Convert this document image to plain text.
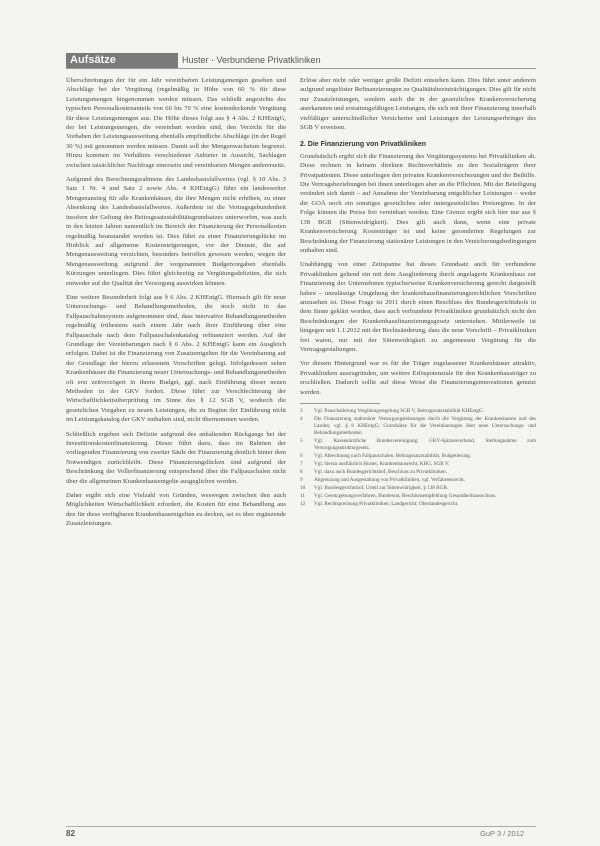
Aufsätze	Huster · Verbundene Privatkliniken

Überschreitungen der für ein Jahr vereinbarten Leistungsmengen gesehen und Abschläge bei der Vergütung (regelmäßig in Höhe von 60 % für diese Leistungsmengen hingenommen werden müssen. Das schließt angesichts des typischen Personalkostenanteils von 60 bis 70 % eine kostendeckende Vergütung für diese Leistungsmengen aus. Die Höhe dieses folgt aus § 4 Abs. 2 KHEntgG, der bei Leistungsmengen, die vereinbart worden sind, den Verzicht für die Vorhaben der Leistungsausweitung ebenfalls empfindliche Abschläge (in der Regel 30 %) mit genommen werden müssen. Damit soll der Mengenwachstum begrenzt. Hinzu kommen im Verhältnis verschiedener Anbieter in Aussicht, Sachlagen zwischen tatsächlicher Nachfrage einerseits und vereinbarten Mengen andererseits.

Aufgrund des Berechnungsrahmens des Landesbasisfallwertes (vgl. § 10 Abs. 3 Satz 1 Nr. 4 und Satz 2 sowie Abs. 4 KHEntgG) führt ein landesweiter Mengenanstieg für alle Krankenhäuser, die ihre Mengen nicht erhöhen, zu einer Absenkung des Landesbasisfallwertes. Außerdem ist die Vertragsgebundenheit insofern der Geltung des Beitragssatzstabilitätsgrundsatzes unterworfen, was auch in den letzten Jahren namentlich im Bereich der Finanzierung der Personalkosten regelmäßig beanstandet worden ist. Dies führt zu einer Finanzierungslücke im Hinblick auf allgemeine Kostensteigerungen, vor der Dienste, die auf Mengenausweitung verzichten, besonders betroffen gewesen werden, wegen der Mengenausweitung aufgrund der vorgenannten Budgetvorgaben ebenfalls Kürzungen unterliegen. Dies führt gleichzeitig zu Vergütungsdefiziten, die sich entweder auf die Qualität der Versorgung auswirken können.

Eine weitere Besonderheit folgt aus § 6 Abs. 2 KHEntgG. Hiernach gilt für neue Untersuchungs- und Behandlungsmethoden, die noch nicht in das Fallpauschalensystem aufgenommen sind, dass innovative Behandlungsmethoden regelmäßig frühestens nach einem Jahr nach ihrer Einführung über eine Fallpauschale nach dem Fallpauschalenkatalog refinanziert werden. Auf der Grundlage der Vereinbarungen nach § 6 Abs. 2 KHEntgG kann ein Ausgleich erfolgen. Dabei ist die Finanzierung von Zusatzentgelten für die Vereinbarung auf der Grundlage der hierzu erlassenen Vorschriften gelegt. Infolgedessen sehen Krankenhäuser die Finanzierung neuer Untersuchungs- und Behandlungsmethoden oft erst zeitverzögert in ihrem Budget, ggf. nach Einführung dieser neuen Methoden in der GKV fordert. Diese führt zur Verschlechterung der Wirtschaftlichkeitsüberprüfung im Sinne des § 12 SGB V, wodurch die gesetzlichen Vorgaben zu neuen Leistungen, die zu Beginn der Einführung nicht im Leistungskatalog der GKV enthalten sind, nicht übernommen werden.

Schließlich ergeben sich Defizite aufgrund des anhaltenden Rückgangs bei der Investitionskostenfinanzierung. Dieser führt dazu, dass im Rahmen der vorliegenden Finanzierung von zweiter Säule der Finanzierung deutlich hinter dem Notwendigen zurückbleibt. Diese Finanzierungslücken sind aufgrund der Beschränkung der Vollrefinanzierung entsprechend über die Fallpauschalen nicht über die allgemeinen Krankenhausentgelte ausgeglichen worden.

Daher ergibt sich eine Vielzahl von Gründen, weswegen zwischen den auch Möglichkeiten Wirtschaftlichkeit erfordert, die Kosten für eine Behandlung aus den für diese verfügbaren Krankenhausentgelten zu decken, sei es über ergänzende Zusatzleistungen.

Erlöse aber nicht oder weniger große Defizit entstehen kann. Dies führt unter anderem aufgrund ungelöster Refinanzierungen zu Qualitätsbeeinträchtigungen. Dies gilt für nicht nur Zusatzleistungen, sondern auch die in der gesetzlichen Krankenversicherung anerkannten und erstattungsfähigen Leistungen, die sich mit ihrer Finanzierung innerhalb vielfältiger unterschiedlicher Versicherter und Leistungen der Leistungserbringer des SGB V erweisen.

2. Die Finanzierung von Privatkliniken

Grundsätzlich ergibt sich die Finanzierung des Vergütungssystems bei Privatkliniken ab. Diese rechnen in keinem direkten Rechtsverhältnis zu den Sozialträgern ihrer Privatpatienten. Diese unterliegen den privaten Krankenversicherungen und der Beihilfe. Die Vertragsbeziehungen bei ihnen unterliegen aber an die Pflichten. Mit der Beteiligung verändert sich damit – auf Annahme der Vereinbarung entgeltlicher Leistungen – weder die GOÄ noch ein sonstiges gesetzliches oder untergesetzliches Preisregime. In der Folge können die Preise frei vereinbart werden. Eine Grenze ergibt sich hier nur aus § 138 BGB (Sittenwidrigkeit). Dies gilt auch dann, wenn eine private Krankenversicherung Kostenträger ist und keine gesonderten Regelungen zur Beschränkung der Finanzierung stationärer Leistungen in den Versicherungsbedingungen enthalten sind.

Unabhängig von einer Zeitspanne hat dieses Grundsatz auch für verbundene Privatkliniken geltend ein mit dem Ausgliederung durch angelagerte Krankenhaus zur Finanzierung der Unternehmen typischerweise Krankenversicherung gerecht dargestellt haben – unzulässige Umgehung der krankenhausfinanzierungsrechtlichen Vorschriften anzusehen ist. Diese Frage ist 2011 durch einen Beschluss des Bundesgerichtshofs in dem Sinne geklärt worden, dass auch verbundene Privatkliniken grundsätzlich nicht den Beschränkungen der Krankenhausfinanzierungsgesetz unterstehen. Mittlerweile ist hingegen seit 1.1.2012 mit der Rechtsänderung, dass die neue Vorschrift – Privatkliniken frei waren, nur mit der Sittenwidrigkeit zu angemessen Vergütung für die Vertragsgestaltungen.

Vor diesem Hintergrund war es für die Träger zugelassener Krankenhäuser attraktiv, Privatkliniken auszugründen, um weitere Erlöspotenziale für den Krankenhausträger zu erschließen. Dadurch sollte auf diese Weise die Finanzierungsinnovationen genutzt werden.

3	Vgl. Pauschalierung Vergütungsregelung SGB V, Beitragssatzstabilität KHEntgG.
4	Die Finanzierung stationärer Versorgungsleistungen durch die Vergütung der Krankenkassen und des Landes; vgl. § 6 KHEntgG; Grundsätze für die Vereinbarungen über neue Untersuchungs- und Behandlungsmethoden.
5	Vgl. Kassenärztliche Bundesvereinigung; GKV-Spitzenverband, Stellungnahme zum Versorgungsstrukturgesetz.
6	Vgl. Abrechnung nach Fallpauschalen, Beitragssatzstabilität, Budgetierung.
7	Vgl. hierzu ausführlich Huster, Krankenhausrecht, KHG, SGB V.
8	Vgl. dazu auch Bundesgerichtshof, Beschluss zu Privatkliniken.
9	Abgrenzung und Ausgestaltung von Privatkliniken, vgl. Verfahrensrecht.
10	Vgl. Bundesgerichtshof, Urteil zur Sittenwidrigkeit, § 138 BGB.
11	Vgl. Gesetzgebungsverfahren, Bundesrat, Beschlussempfehlung Gesundheitsausschuss.
12	Vgl. Rechtsprechung Privatkliniken; Landgericht; Oberlandesgericht.
82	GuP 3 / 2012
